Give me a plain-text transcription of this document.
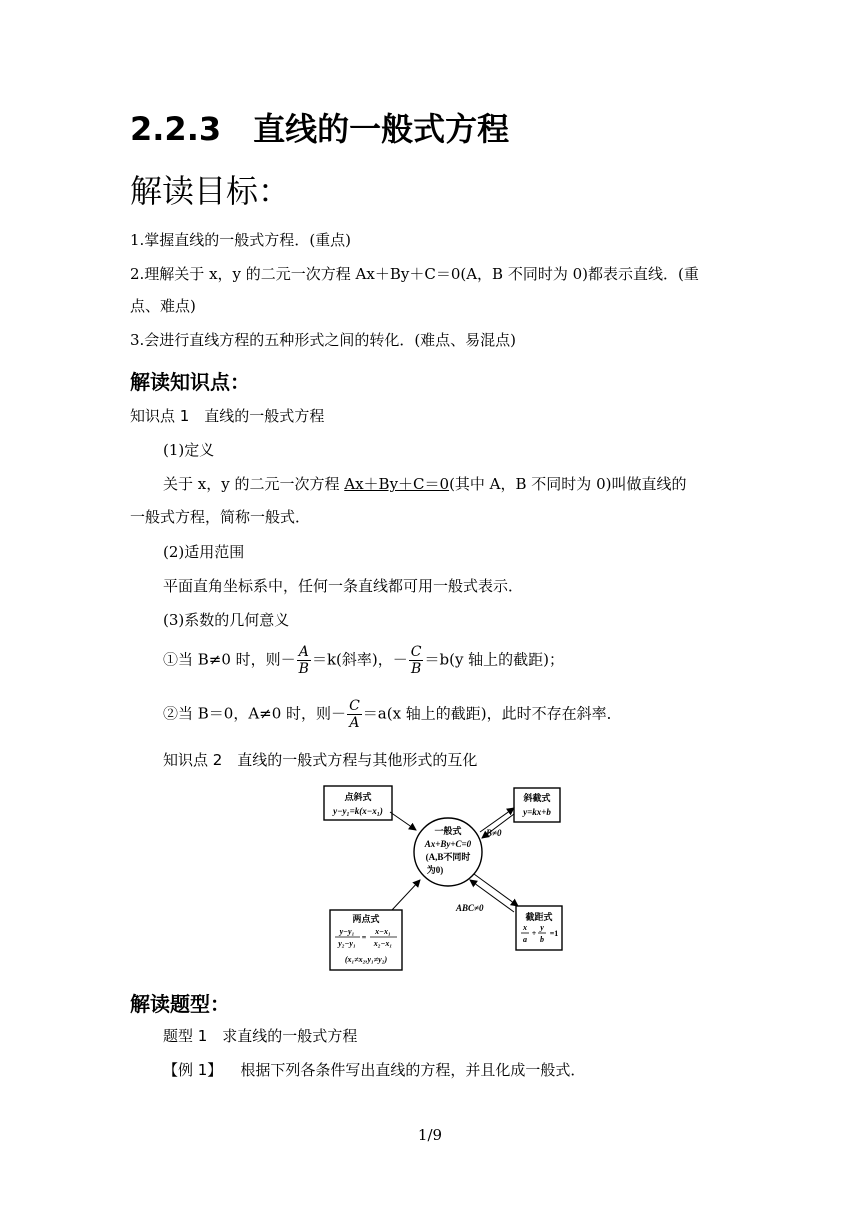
2.2.3　直线的一般式方程
解读目标：
1.掌握直线的一般式方程．(重点)
2.理解关于 x，y 的二元一次方程 Ax＋By＋C＝0(A，B 不同时为 0)都表示直线．(重
点、难点)
3.会进行直线方程的五种形式之间的转化．(难点、易混点)
解读知识点：
知识点 1　直线的一般式方程
(1)定义
关于 x，y 的二元一次方程 Ax＋By＋C＝0(其中 A，B 不同时为 0)叫做直线的
一般式方程，简称一般式．
(2)适用范围
平面直角坐标系中，任何一条直线都可用一般式表示．
(3)系数的几何意义
①当 B≠0 时，则－ $\frac{A}{B} =k$(斜率)，－ $\frac{C}{B} =b(y$ 轴上的截距)；
②当 B＝0，A≠0 时，则－ $\frac{C}{A} =a(x$ 轴上的截距)，此时不存在斜率．
知识点 2　直线的一般式方程与其他形式的互化
一般式
Ax+By+C=0
(A,B不同时
为0)
点斜式
y−y₁=k(x−x₁)
斜截式
y=kx+b
两点式
y−y₁
y₂−y₁
=
x−x₁
x₂−x₁
(x₁≠x₂,y₁≠y₂)
截距式
x
a
+
y
b
=1
B≠0
ABC≠0
解读题型：
题型 1　求直线的一般式方程
【例 1】 根据下列各条件写出直线的方程，并且化成一般式．
1/9
